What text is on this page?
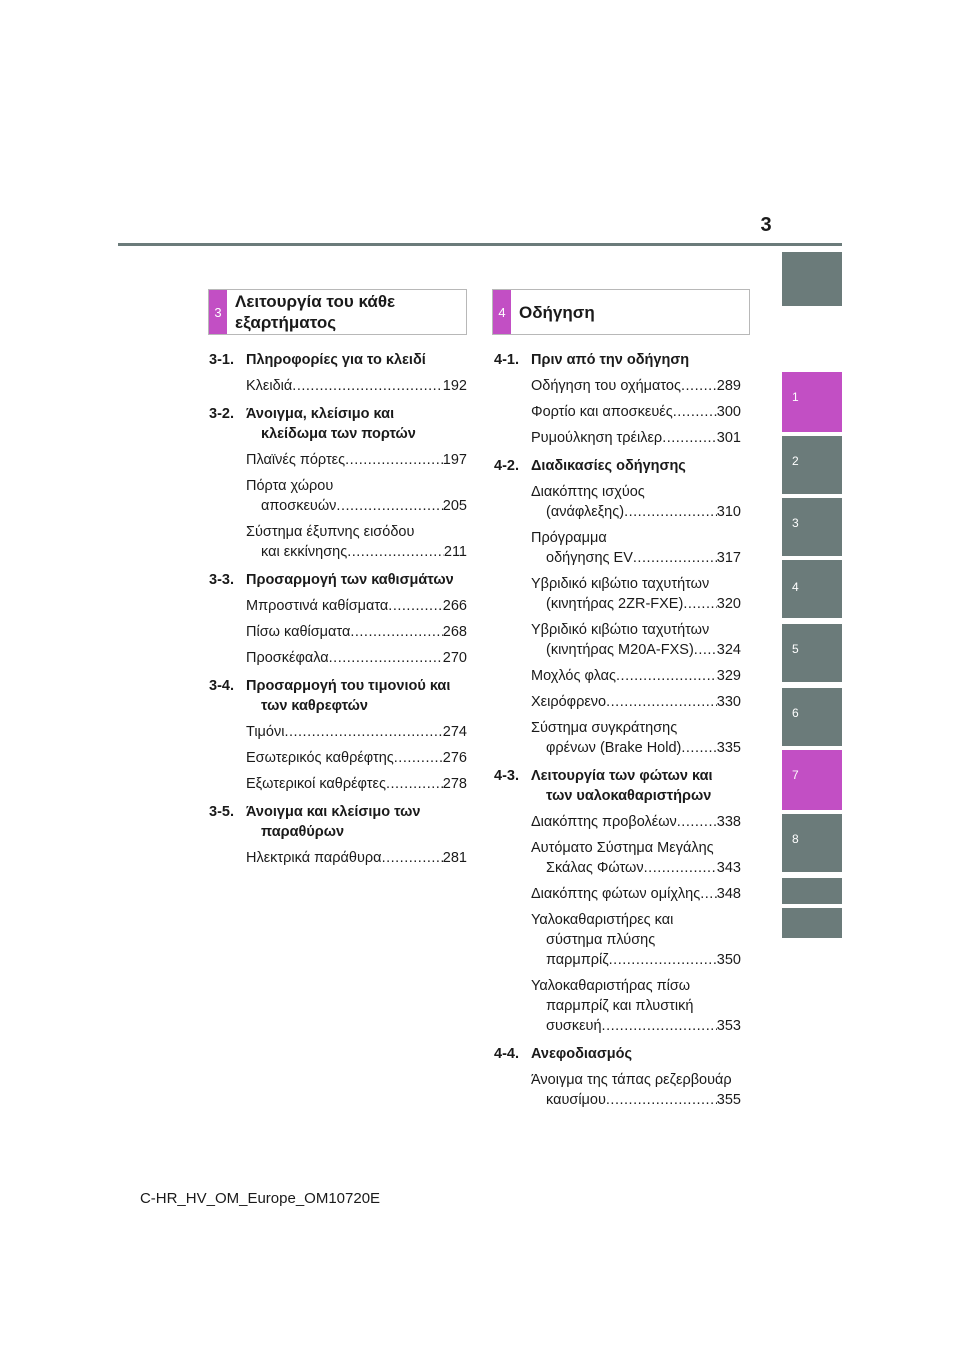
3
1
2
3
4
5
6
7
8
3
Λειτουργία του κάθε
εξαρτήματος
4 Οδήγηση
3-1. Πληροφορίες για το κλειδί
Κλειδιά .....	192
3-2. Άνοιγμα, κλείσιμο και
κλείδωμα των πορτών
Πλαϊνές πόρτες .....	197
Πόρτα χώρου
αποσκευών .....	205
Σύστημα έξυπνης εισόδου
και εκκίνησης .....	211
3-3. Προσαρμογή των καθισμάτων
Μπροστινά καθίσματα .....	266
Πίσω καθίσματα .....	268
Προσκέφαλα .....	270
3-4. Προσαρμογή του τιμονιού και
των καθρεφτών
Τιμόνι .....	274
Εσωτερικός καθρέφτης .....	276
Εξωτερικοί καθρέφτες .....	278
3-5. Άνοιγμα και κλείσιμο των
παραθύρων
Ηλεκτρικά παράθυρα .....	281
4-1. Πριν από την οδήγηση
Οδήγηση του οχήματος ..... 289
Φορτίο και αποσκευές .....	300
Ρυμούλκηση τρέιλερ .....	301
4-2. Διαδικασίες οδήγησης
Διακόπτης ισχύος
(ανάφλεξης) .....	310
Πρόγραμμα
οδήγησης EV .....	317
Υβριδικό κιβώτιο ταχυτήτων
(κινητήρας 2ZR-FXE) ..... 320
Υβριδικό κιβώτιο ταχυτήτων
(κινητήρας M20A-FXS) ..... 324
Μοχλός φλας .....	329
Χειρόφρενο .....	330
Σύστημα συγκράτησης
φρένων (Brake Hold) ..... 335
4-3. Λειτουργία των φώτων και
των υαλοκαθαριστήρων
Διακόπτης προβολέων .....	338
Αυτόματο Σύστημα Μεγάλης
Σκάλας Φώτων .....	343
Διακόπτης φώτων ομίχλης ..... 348
Υαλοκαθαριστήρες και
σύστημα πλύσης
παρμπρίζ .....	350
Υαλοκαθαριστήρας πίσω
παρμπρίζ και πλυστική
συσκευή .....	353
4-4. Ανεφοδιασμός
Άνοιγμα της τάπας ρεζερβουάρ
καυσίμου .....	355
C-HR_HV_OM_Europe_OM10720E
